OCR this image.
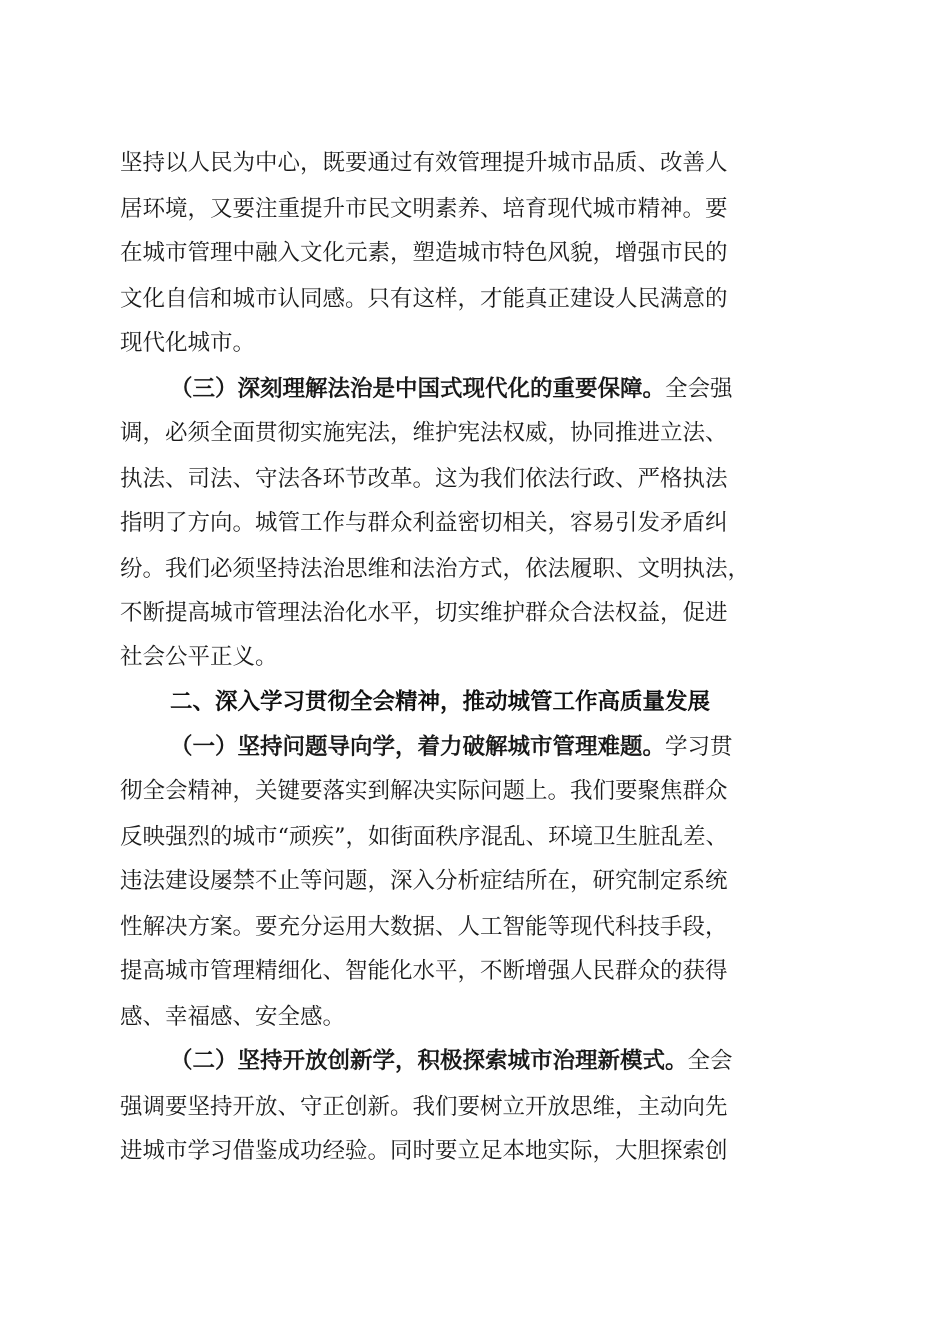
坚持以人民为中心，既要通过有效管理提升城市品质、改善人
居环境，又要注重提升市民文明素养、培育现代城市精神。要
在城市管理中融入文化元素，塑造城市特色风貌，增强市民的
文化自信和城市认同感。只有这样，才能真正建设人民满意的
现代化城市。
（三）深刻理解法治是中国式现代化的重要保障。全会强
调，必须全面贯彻实施宪法，维护宪法权威，协同推进立法、
执法、司法、守法各环节改革。这为我们依法行政、严格执法
指明了方向。城管工作与群众利益密切相关，容易引发矛盾纠
纷。我们必须坚持法治思维和法治方式，依法履职、文明执法，
不断提高城市管理法治化水平，切实维护群众合法权益，促进
社会公平正义。
二、深入学习贯彻全会精神，推动城管工作高质量发展
（一）坚持问题导向学，着力破解城市管理难题。学习贯
彻全会精神，关键要落实到解决实际问题上。我们要聚焦群众
反映强烈的城市“顽疾”，如街面秩序混乱、环境卫生脏乱差、
违法建设屡禁不止等问题，深入分析症结所在，研究制定系统
性解决方案。要充分运用大数据、人工智能等现代科技手段，
提高城市管理精细化、智能化水平，不断增强人民群众的获得
感、幸福感、安全感。
（二）坚持开放创新学，积极探索城市治理新模式。全会
强调要坚持开放、守正创新。我们要树立开放思维，主动向先
进城市学习借鉴成功经验。同时要立足本地实际，大胆探索创
